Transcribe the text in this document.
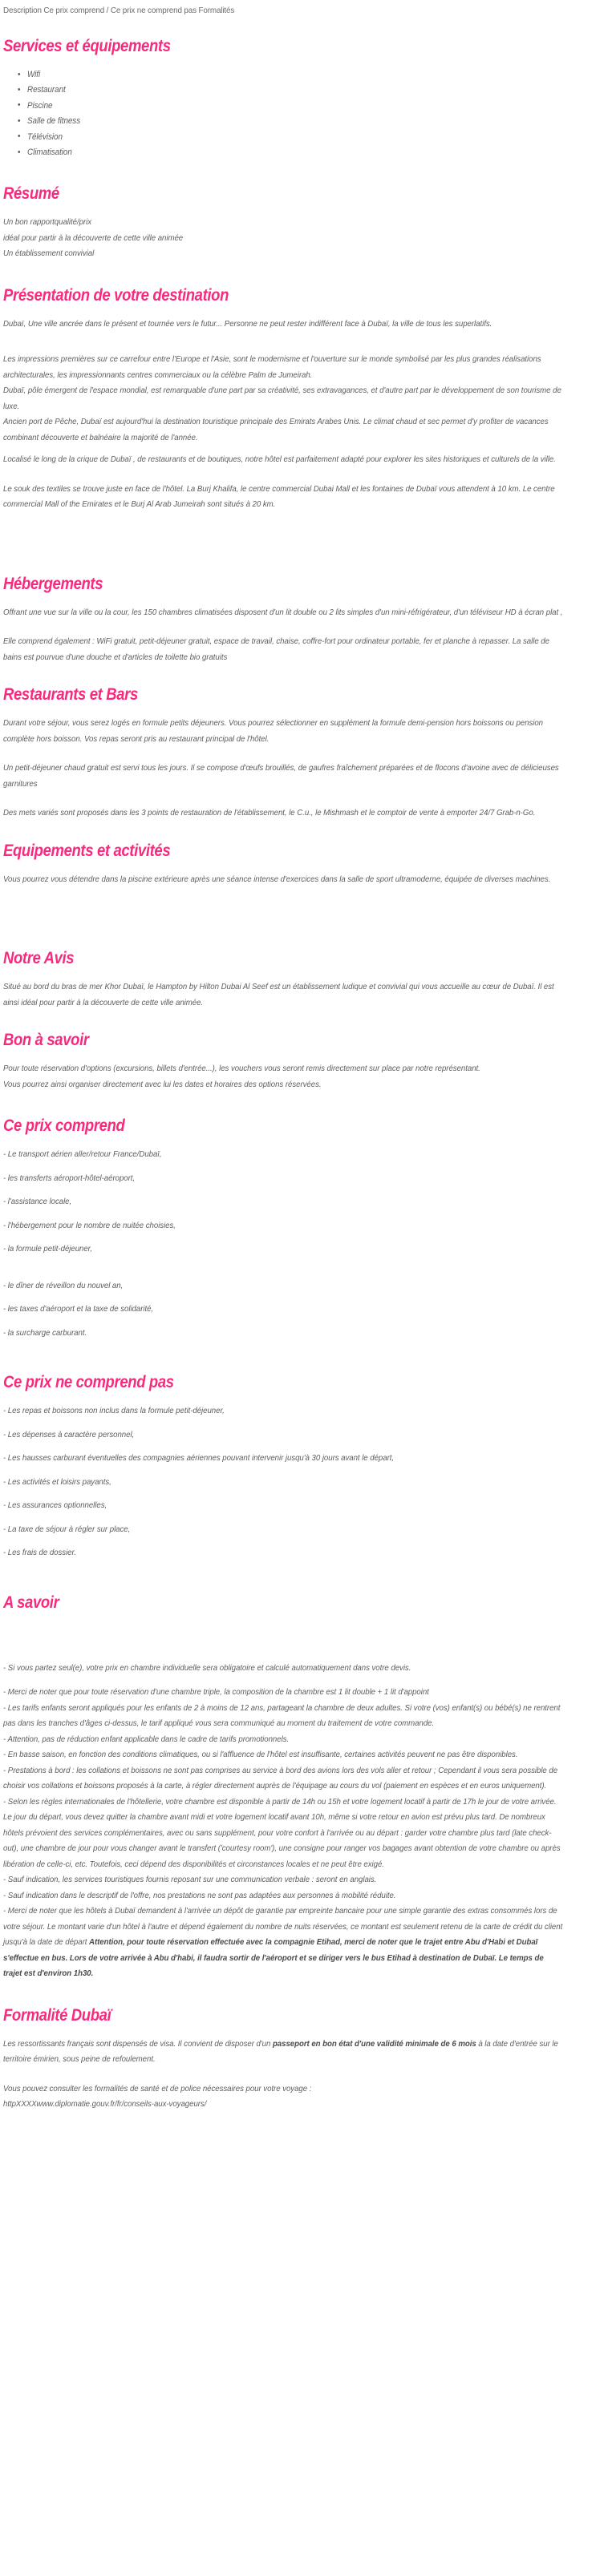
Description Ce prix comprend / Ce prix ne comprend pas Formalités
Services et équipements
• Wifi
• Restaurant
• Piscine
• Salle de fitness
• Télévision
• Climatisation
Résumé
Un bon rapportqualité/prix
idéal pour partir à la découverte de cette ville animée
Un établissement convivial
Présentation de votre destination

Dubaï, Une ville ancrée dans le présent et tournée vers le futur... Personne ne peut rester indifférent face à Dubaï, la ville de tous les superlatifs.

Les impressions premières sur ce carrefour entre l'Europe et l'Asie, sont le modernisme et l'ouverture sur le monde symbolisé par les plus grandes réalisations architecturales, les impressionnants centres commerciaux ou la célèbre Palm de Jumeirah.
Dubaï, pôle émergent de l'espace mondial, est remarquable d'une part par sa créativité, ses extravagances, et d'autre part par le développement de son tourisme de luxe.
Ancien port de Pêche, Dubaï est aujourd'hui la destination touristique principale des Emirats Arabes Unis. Le climat chaud et sec permet d'y profiter de vacances combinant découverte et balnéaire la majorité de l'année.

Localisé le long de la crique de Dubaï , de restaurants et de boutiques, notre hôtel est parfaitement adapté pour explorer les sites historiques et culturels de la ville.

Le souk des textiles se trouve juste en face de l'hôtel. La Burj Khalifa, le centre commercial Dubai Mall et les fontaines de Dubaï vous attendent à 10 km. Le centre commercial Mall of the Emirates et le Burj Al Arab Jumeirah sont situés à 20 km.

Hébergements

Offrant une vue sur la ville ou la cour, les 150 chambres climatisées disposent d'un lit double ou 2 lits simples d'un mini-réfrigérateur, d'un téléviseur HD à écran plat ,

Elle comprend également : WiFi gratuit, petit-déjeuner gratuit, espace de travail, chaise, coffre-fort pour ordinateur portable, fer et planche à repasser. La salle de bains est pourvue d'une douche et d'articles de toilette bio gratuits

Restaurants et Bars

Durant votre séjour, vous serez logés en formule petits déjeuners. Vous pourrez sélectionner en supplément la formule demi-pension hors boissons ou pension complète hors boisson. Vos repas seront pris au restaurant principal de l'hôtel.

Un petit-déjeuner chaud gratuit est servi tous les jours. Il se compose d'œufs brouillés, de gaufres fraîchement préparées et de flocons d'avoine avec de délicieuses garnitures

Des mets variés sont proposés dans les 3 points de restauration de l'établissement, le C.u., le Mishmash et le comptoir de vente à emporter 24/7 Grab-n-Go.

Equipements et activités

Vous pourrez vous détendre dans la piscine extérieure après une séance intense d'exercices dans la salle de sport ultramoderne, équipée de diverses machines.

Notre Avis

Situé au bord du bras de mer Khor Dubaï, le Hampton by Hilton Dubai Al Seef est un établissement ludique et convivial qui vous accueille au cœur de Dubaï. Il est ainsi idéal pour partir à la découverte de cette ville animée.

Bon à savoir
Pour toute réservation d'options (excursions, billets d'entrée...), les vouchers vous seront remis directement sur place par notre représentant.
Vous pourrez ainsi organiser directement avec lui les dates et horaires des options réservées.
Ce prix comprend
- Le transport aérien aller/retour France/Dubaï,
- les transferts aéroport-hôtel-aéroport,
- l'assistance locale,
- l'hébergement pour le nombre de nuitée choisies,
- la formule petit-déjeuner,
- le dîner de réveillon du nouvel an,
- les taxes d'aéroport et la taxe de solidarité,
- la surcharge carburant.
Ce prix ne comprend pas
- Les repas et boissons non inclus dans la formule petit-déjeuner,
- Les dépenses à caractère personnel,
- Les hausses carburant éventuelles des compagnies aériennes pouvant intervenir jusqu'à 30 jours avant le départ,
- Les activités et loisirs payants,
- Les assurances optionnelles,
- La taxe de séjour à régler sur place,
- Les frais de dossier.
A savoir
- Si vous partez seul(e), votre prix en chambre individuelle sera obligatoire et calculé automatiquement dans votre devis.
- Merci de noter que pour toute réservation d'une chambre triple, la composition de la chambre est 1 lit double + 1 lit d'appoint
- Les tarifs enfants seront appliqués pour les enfants de 2 à moins de 12 ans, partageant la chambre de deux adultes. Si votre (vos) enfant(s) ou bébé(s) ne rentrent pas dans les tranches d'âges ci-dessus, le tarif appliqué vous sera communiqué au moment du traitement de votre commande.
- Attention, pas de réduction enfant applicable dans le cadre de tarifs promotionnels.
- En basse saison, en fonction des conditions climatiques, ou si l'affluence de l'hôtel est insuffisante, certaines activités peuvent ne pas être disponibles.
- Prestations à bord : les collations et boissons ne sont pas comprises au service à bord des avions lors des vols aller et retour ; Cependant il vous sera possible de choisir vos collations et boissons proposés à la carte, à régler directement auprès de l'équipage au cours du vol (paiement en espèces et en euros uniquement).
- Selon les règles internationales de l'hôtellerie, votre chambre est disponible à partir de 14h ou 15h et votre logement locatif à partir de 17h le jour de votre arrivée. Le jour du départ, vous devez quitter la chambre avant midi et votre logement locatif avant 10h, même si votre retour en avion est prévu plus tard. De nombreux hôtels prévoient des services complémentaires, avec ou sans supplément, pour votre confort à l'arrivée ou au départ : garder votre chambre plus tard (late check-out), une chambre de jour pour vous changer avant le transfert ('courtesy room'), une consigne pour ranger vos bagages avant obtention de votre chambre ou après libération de celle-ci, etc. Toutefois, ceci dépend des disponibilités et circonstances locales et ne peut être exigé.
- Sauf indication, les services touristiques fournis reposant sur une communication verbale : seront en anglais.
- Sauf indication dans le descriptif de l'offre, nos prestations ne sont pas adaptées aux personnes à mobilité réduite.
- Merci de noter que les hôtels à Dubaï demandent à l'arrivée un dépôt de garantie par empreinte bancaire pour une simple garantie des extras consommés lors de votre séjour. Le montant varie d'un hôtel à l'autre et dépend également du nombre de nuits réservées, ce montant est seulement retenu de la carte de crédit du client jusqu'à la date de départ Attention, pour toute réservation effectuée avec la compagnie Etihad, merci de noter que le trajet entre Abu d'Habi et Dubaï s'effectue en bus. Lors de votre arrivée à Abu d'habi, il faudra sortir de l'aéroport et se diriger vers le bus Etihad à destination de Dubaï. Le temps de trajet est d'environ 1h30.
Formalité Dubaï

Les ressortissants français sont dispensés de visa. Il convient de disposer d'un passeport en bon état d'une validité minimale de 6 mois à la date d'entrée sur le territoire émirien, sous peine de refoulement.

Vous pouvez consulter les formalités de santé et de police nécessaires pour votre voyage :
httpXXXXwww.diplomatie.gouv.fr/fr/conseils-aux-voyageurs/
